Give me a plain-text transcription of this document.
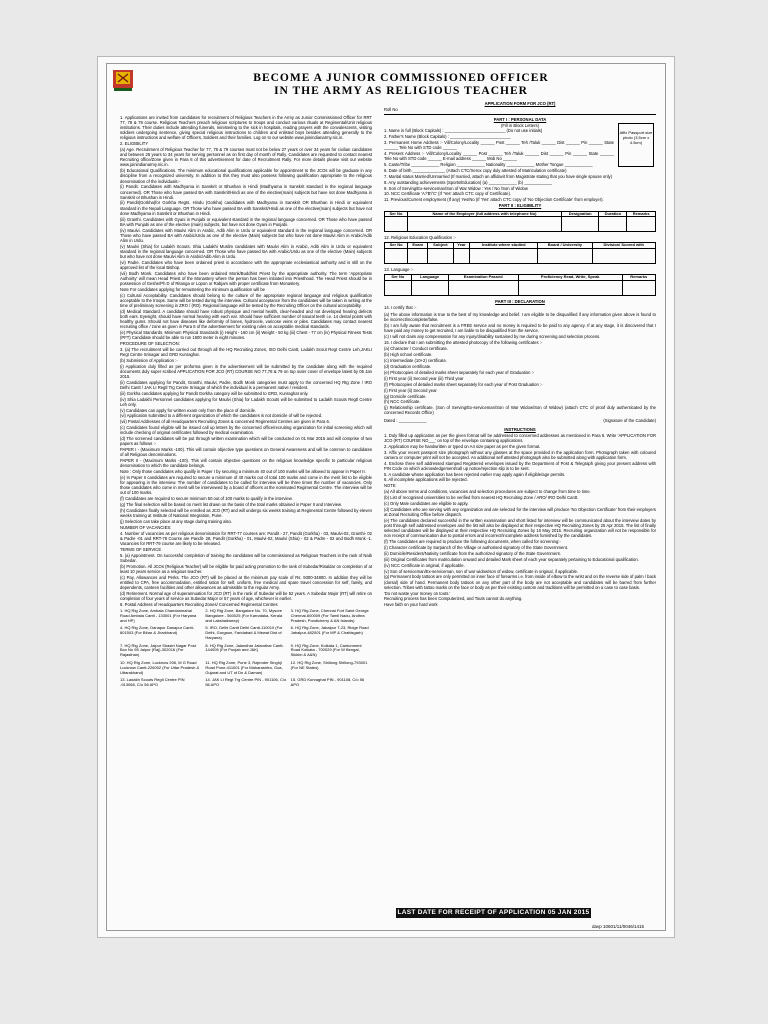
BECOME A JUNIOR COMMISSIONED OFFICER
IN THE ARMY AS RELIGIOUS TEACHER

1. Applications are invited from candidates for recruitment of Religious Teachers in the Army as Junior Commissioned Officer for RRT 77, 78 & 79 course. Religious Teachers preach religious scriptures to troops and conduct various rituals at Regimental/Unit religious institutions. Their duties include attending funerals, ministering to the sick in hospitals, reading prayers with the convalescents, visiting soldiers undergoing sentence, giving special religious instructions to children and enlisted boys besides attending generally to the religious instructions and welfare of Officers, Soldiers and their families. Log on to our website www.joinindianarmy.nic.in.

2. ELIGIBILITY

(a) Age. Recruitment of Religious Teacher for 77, 78 & 79 courses must not be below 27 years or over 34 years for civilian candidates and between 25 years to 34 years for serving personnel as on first day of month of Rally. Candidates are requested to contact nearest Recruiting office/Zone given in Para 6 of this advertisement for date of Recruitment Rally. For more details please visit our website www.joinindianarmy.nic.in.

(b) Educational Qualifications. The minimum educational qualifications applicable for appointment to the JCOs will be graduate in any discipline from a recognized university. In addition to this they must also possess following qualification appropriate to the religious denomination of the individuals:-

(i) Pandit. Candidates with Madhyama in Sanskrit or Bhushan in Hindi (Madhyama in Sanskrit standard in the regional language concerned). OR Those who have passed BA with Sanskrit/Hindi as one of the elective(main) subjects but have not done Madhyama in Sanskrit or Bhushan in Hindi.

(ii) Pandit(Gorkha)for Gorkha Regts. Hindu (Gorkha) candidates with Madhyama in Sanskrit OR Bhushan in Hindi or equivalent standard in the Nepali Language. OR Those who have passed BA with Sanskrit/Hindi as one of the elective(main) subjects but have not done Madhyama in Sanskrit or Bhushan in Hindi.

(iii) Granthi. Candidates with Gyani in Punjabi or equivalent standard in the regional language concerned. OR Those who have passed BA with Punjabi as one of the elective (main) subjects, but have not done Gyani in Punjabi.

(iv) Maulvi. Candidates with Maulvi Alim in Arabic, Adib Alim in Urdu or equivalent standard in the regional language concerned. OR Those who have passed BA with Arabic/Urdu as one of the elective (Main) subjects but who have not done Maulvi Alim in Arabic/Adib Alim in Urdu.

(v) Maulvi (Shia) for Ladakh Scouts. Shia Ladakhi Muslim candidates with Maulvi Alim in Arabic, Adib Alim in Urdu or equivalent standard in the regional language concerned. OR Those who have passed BA with Arabic/Urdu as one of the elective (Main) subjects but who have not done Maulvi Alim in Arabic/Adib Alim in Urdu.

(vi) Padre. Candidates who have been ordained priest in accordance with the appropriate ecclesiastical authority and is still on the approved list of the local Bishop.

(vii) Bodh Monk. Candidates who have been ordained Monk/Buddhist Priest by the appropriate authority. The term 'Appropriate Authority' will mean Head Priest of the Monastery where the person has been initiated into Priesthood. The Head Priest should be in possession of Geshe/Ph D of Ritanga or Lopon or Rabjam with proper certificate from Monastery.

Note For candidates applying for remustering the minimum qualification will be

(c) Cultural Acceptability. Candidates should belong to the culture of the appropriate regional language and religious qualification acceptable to the troops. Same will be tested during the interview. Cultural acceptance from the candidates will be taken in writing at the time of preliminary screening in ZRO / (RO). Regional language will be tested by the Recruiting Officer on the cultural acceptability.

(d) Medical Standard. A candidate should have robust physique and mental health, clear-headed and not developed hearing defects both ears. Eyesight, should have normal hearing with each ear. Should have sufficient number of natural teeth i.e. 14 dental points with healthy gums. Should not have diseases like deformity of bones, hydrocele, varicose veins or piles. Candidates may contact nearest recruiting office / zone as given in Para 6 of the advertisement for existing rules on acceptable medical standards.

(e) Physical Standards. Minimum Physical Standards (i) Height - 160 cm (ii) Weight - 50 kg (iii) Chest - 77 cm (iv) Physical Fitness Tests (PFT) Candidate should be able to run 1600 meter in eight minutes.

PROCEDURE OF SELECTION:

3. (a) The recruitment will be carried out through all the HQ Recruiting Zones, ISO Delhi Cantt, Ladakh Scout Regt Centre Leh,JAKLI Regt Centre Srinagar and GRD Kunraghat.

(b) Submission of Application :-

(i) Application duly filled as per proforma given in the advertisement will be submitted by the candidate along with the required documents duly super scribed APPLICATION FOR JCO (RT) COURSE NO 77,78 & 79 on top outer cover of envelope latest by 05 Jan 2015.

(ii) Candidates applying for Pandit, Granthi, Maulvi, Padre, Bodh Monk categories must apply to the concerned HQ Rtg Zone / IRO Delhi Cantt / JAK LI Regtl Trg Centre Srinagar of which the individual is a permanent native / resident.

(iii) Gorkha candidates applying for Pandit Gorkha category will be submitted to GRD, Kunraghat only.

(iv) Shia Ladakhi Personnel candidates applying for Maulvi (Shia) for Ladakh Scouts will be submitted to Ladakh Scouts Regtl Centre Leh only.

(v) Candidates can apply for written exam only from the place of domicile.

(vi) Application submitted to a different organization of which the candidates is not domicile of will be rejected.

(vii) Postal Addresses of all Headquarters Recruiting Zones & concerned Regimental Centres are given in Para 6.

(c) Candidates found eligible will be issued call up letters by the concerned office/recruiting organization for initial screening which will include checking of original certificates followed by medical examination.

(d) The screened candidates will be put through written examination which will be conducted on 01 Mar 2015 and will comprise of two papers as follows :-

PAPER I - (Maximum Marks -100). This will contain objective type questions on General Awareness and will be common to candidates of all Religious denominations.

PAPER II - (Maximum Marks -100). This will contain objective questions on the religious knowledge specific to particular religious denomination to which the candidate belongs.

Note : Only those candidates who qualify in Paper I by securing a minimum 40 out of 100 marks will be allowed to appear in Paper II.

(e) In Paper II candidates are required to secure a minimum of 40 marks out of total 100 marks and come in the merit list to be eligible for appearing in the interview. The number of candidates to be called for interview will be three times the number of vacancies. Only those candidates who come in merit will be interviewed by a board of officers at the nominated Regimental Centre. The interview will be out of 100 marks.

(f) Candidates are required to secure minimum 50 out of 100 marks to qualify in the interview.

(g) The final selection will be based on merit list drawn on the basis of the total marks obtained in Paper II and Interview.

(h) Candidates finally selected will be enrolled as JCO (RT) and will undergo six weeks training at Regimental Centre followed by eleven weeks training at Institute of National Integration, Pune.

(j) Selection can take place at any stage during training also.

NUMBER OF VACANCIES:

4. Number of vacancies as per religious denomination for RRT-77 courses are: Pandit - 27, Pandit (Gorkha) - 03, Maulvi-02, Granthi- 02 & Padre -01 and RRT-78 Course are Pandit- 28, Pandit (Gorkha) - 01, Maulvi-02, Maulvi (Shia) - 02 & Padre - 02 and Bodh Monk -1. Vacancies for RRT-79 course are likely to be released.

TERMS OF SERVICE

5. (a) Appointment. On successful completion of training the candidates will be commissioned as Religious Teachers in the rank of Naib Subedar.

(b) Promotion. All JCOs (Religious Teacher) will be eligible for paid acting promotion to the rank of Subedar/Risaldar on completion of at least 10 years service as a religious teacher.

(c) Pay, Allowances and Perks. The JCO (RT) will be placed at the minimum pay scale of Rs. 9300-34800. In addition they will be entitled to CPA, free accommodation, entitled ration for self, uniform, free medical and spare travel concession for self, family, and dependents, canteen facilities and other allowances as admissible to the regular Army.

(d) Retirement. Normal age of superannuation for JCO (RT) in the rank of Subedar will be 52 years. A Subedar Major (RT) will retire on completion of four years of service as Subedar Major or 57 years of age, whichever is earlier.

6. Postal Address of Headquarters Recruiting Zones/ Concerned Regimental Centres

1. HQ Rtg Zone, Ambala Chandanmahal Road Ambala Cantt - 133001 (For Haryana and HP)
2. HQ Rtg Zone, Bangalore No. 70, Mysore Bangalore - 560025 (For Karnataka, Kerala and Lakshadweep)
3. HQ Rtg Zone, Chennai Fort Saint George Chennai-600009 (For Tamil Nadu, Andhra Pradesh, Pondicherry & AN Islands)
4. HQ Rtg Zone, Danapur Danapur Cantt-801503 (For Bihar & Jharkhand)
5. IRO, Delhi Cantt Delhi Cantt-110010 (For Delhi, Gurgaon, Faridabad & Mewat Dist of Haryana)
6. HQ Rtg Zone, Jabalpur T-23, Ridge Road Jabalpur-482001 (For MP & Chattisgarh)
7. HQ Rtg Zone, Jaipur Shastri Nagar Post Box No 95 Jaipur (Raj)-302016 (For Rajasthan)
8. HQ Rtg Zone, Jalandhar Jalandhar Cantt-144005 (For Punjab and J&K)
9. HQ Rtg Zone, Kolkata 1, Cantonment Road Kolkata - 700029 (For W Bengal, Sikkim & A&N)
10. HQ Rtg Zone, Lucknow 206, M G Road Lucknow Cantt-226002 (For Uttar Pradesh & Uttarakhand)
11. HQ Rtg Zone, Pune 3, Rajender Singhji Road Pune-411001 (For Maharashtra, Goa, Gujarat and UT of Dn & Daman)
12. HQ Rtg Zone, Shillong Shillong-793001 (For NE States)
13. Ladakh Scouts Regtl Centre PIN -913068, C/o 56 APO
14. JAK LI Regt Trg Centre PIN - 901106, C/o 56 APO
15. GRD Kunraghat PIN - 901108, C/o 56 APO
APPLICATION FORM FOR JCO (RT)
Roll No
PART I : PERSONAL DATA
(Fill in Block Letters)
Affix Passport size photo (3.5cm x 4.5cm)

1. Name in full (Block Capitals) : __________________________ (Do not use initials)

2. Father's Name (Block Capitals) : __________________________

3. Permanent Home Address :- Vill/Colony/Locality ______ Post ______ Teh /Taluk ______ Dist ______ Pin ______ State ______ Tele No with STD code ______

4. Present Address :- Vill/Colony/Locality ______ Post ______ Teh /Taluk ______ Dist ______ Pin ______ State ______ Tele No with STD code ______ E-mail address ______ Mob No ______

5. Caste/Tribe ____________ Religion ____________ Nationality ____________ Mother Tongue ____________

6. Date of birth ______________ (Attach CTC/Xerox copy duly attested of Matriculation certificate)

7. Marital status Married/Unmarried (If married, attach an affidavit from Magistrate stating that you have single spouse only)

8. Any outstanding achievements (Sports/Education) (a) ____________ (b) ____________

9. Son of Serving/Ex-serviceman/Son of War Widow : Yes / No /Son of Widow

10. NCC Certificate 'A'/'B'/'C' (If 'Yes' attach CTC copy of Certificate).

11. Previous/Current employment (If any) Yes/No (If 'Yes' attach CTC copy of 'No Objection Certificate' from employer).

PART II : ELIGIBILITY
Ser No	Name of the Employer (full address with telephone No)	Designation	Duration	Remarks

12. Religious Education Qualification :-
Ser No	Exam	Subject	Year	Institute where studied	Board / University	Division/ Scored with

13. Language :-
Ser No	Language	Examination Passed	Proficiency Read, Write, Speak	Remarks

PART III : DECLARATION
14. I certify that :-

(a) The above information is true to the best of my knowledge and belief. I am eligible to be disqualified if any information given above is found to be incorrect/incomplete/false.

(b) I am fully aware that recruitment is a FREE service and no money is required to be paid to any agency. If at any stage, it is discovered that I have paid any money to get recruited, I am liable to be disqualified from the service.

(c) I will not claim any compensation for any injury/disability sustained by me during screening and selection process.

15. I declare that I am submitting the attested photocopy of the following certificates :-

(a) Character / Conduct certificate.

(b) High school certificate.

(c) Intermediate (10+2) certificate.

(d) Graduation certificate.

(e) Photocopies of detailed marks sheet separately for each year of Graduation :-

(i) First year (ii) Second year (iii) Third year

(f) Photocopies of detailed marks sheet separately for each year of Post Graduation :-

(i) First year (ii) Second year

(g) Domicile certificate.

(h) NCC Certificate.

(j) Relationship certificate. (Son of Serving/Ex-serviceman/Son of War Widow/Son of Widow) (attach CTC of proof duly authenticated by the concerned Records Office)

Dated : ____________	(Signature of the Candidate)
INSTRUCTIONS

1. Duly filled up application as per the given format will be addressed to concerned addresses as mentioned in Para 6. Write 'APPLICATION FOR JCO (RT) COURSE NO___' on top of the envelope containing applications.

2. Application may be handwritten or typed on A4 size paper as per the given format.

3. Affix your recent passport size photograph without any glasses at the space provided in the application form. Photograph taken with coloured camera or computer print will not be accepted. An additional self attested photograph also be submitted along with application form.

4. Enclose three self addressed stamped Registered envelopes issued by the Department of Post & Telegraph giving your present address with PIN Code on which acknowledgement/call up notice/rejection slip is to be sent.

5. A candidate whose application has been rejected earlier may apply again if eligible/age permits.

6. All incomplete applications will be rejected.

NOTE

(a) All above terms and conditions, vacancies and selection procedures are subject to change from time to time.

(b) List of recognised universities to be verified from nearest HQ Recruiting Zone / ARO/ IRO Delhi Cantt.

(c) Only Male candidates are eligible to apply.

(d) Candidates who are serving with any organization and are selected for the interview will produce 'No Objection Certificate' from their employers at Zonal Recruiting Office before dispatch.

(e) The candidates declared successful in the written examination and short listed for interview will be communicated about the interview dates by post through self addressed envelopes and the list will also be displayed at their respective HQ Recruiting Zones by 25 Apr 2015. The list of finally selected candidates will be displayed at their respective HQ Recruiting Zones by 10 May 2015. Recruiting organization will not be responsible for non receipt of communication due to postal errors and incorrect/incomplete address furnished by the candidates.

(f) The candidates are required to produce the following documents, when called for screening:-

(i) Character certificate by Sarpanch of the Village or authorised signatory of the State Government.

(ii) Domicile/Resident/Nativity certificate from the authorized signatory of the State Government.

(iii) Original Certificates from matriculation onward and detailed Mark sheet of each year separately pertaining to Educational qualification.

(iv) NCC Certificate in original, if applicable.

(v) Son of serviceman/Ex-serviceman, son of war widow/son of widow, certificate in original, if applicable.

(g) Permanent body tattoos are only permitted on inner face of forearms i.e. from inside of elbow to the wrist and on the reverse side of palm / back (dorsal) side of hand. Permanent body tattoos on any other part of the body are not acceptable and candidates will be barred from further selection. Tribes with tattoo marks on the face or body as per their existing custom and traditions will be permitted on a case to case basis.

'Do not waste your money on touts.'

Recruiting process has been Computerized, and Touts cannot do anything.

Have faith on your hard work

LAST DATE FOR RECEIPT OF APPLICATION 05 JAN 2015
davp 10601/11/0046/1415
